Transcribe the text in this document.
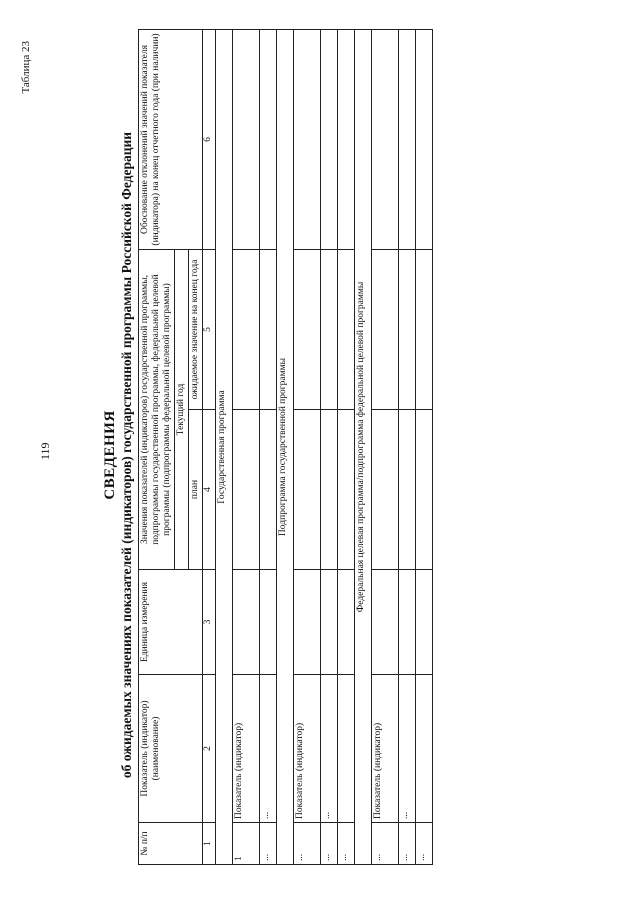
119
Таблица 23
СВЕДЕНИЯ об ожидаемых значениях показателей (индикаторов) государственной программы Российской Федерации
№ п/п	Показатель (индикатор) (наименование)	Единица измерения	Значения показателей (индикаторов) государственной программы, подпрограммы государственной программы, федеральной целевой программы (подпрограммы федеральной целевой программы)		Обоснование отклонений значений показателя (индикатора) на конец отчетного года (при наличии)
			Текущий год		
			план	ожидаемое значение на конец года	
1	2	3	4	5	6
Государственная программа					
1	Показатель (индикатор)				
...	...				
Подпрограмма государственной программы					
...	Показатель (индикатор)				
...	...				
...					
Федеральная целевая программа/подпрограмма федеральной целевой программы					
...	Показатель (индикатор)				
...	...				
...					
